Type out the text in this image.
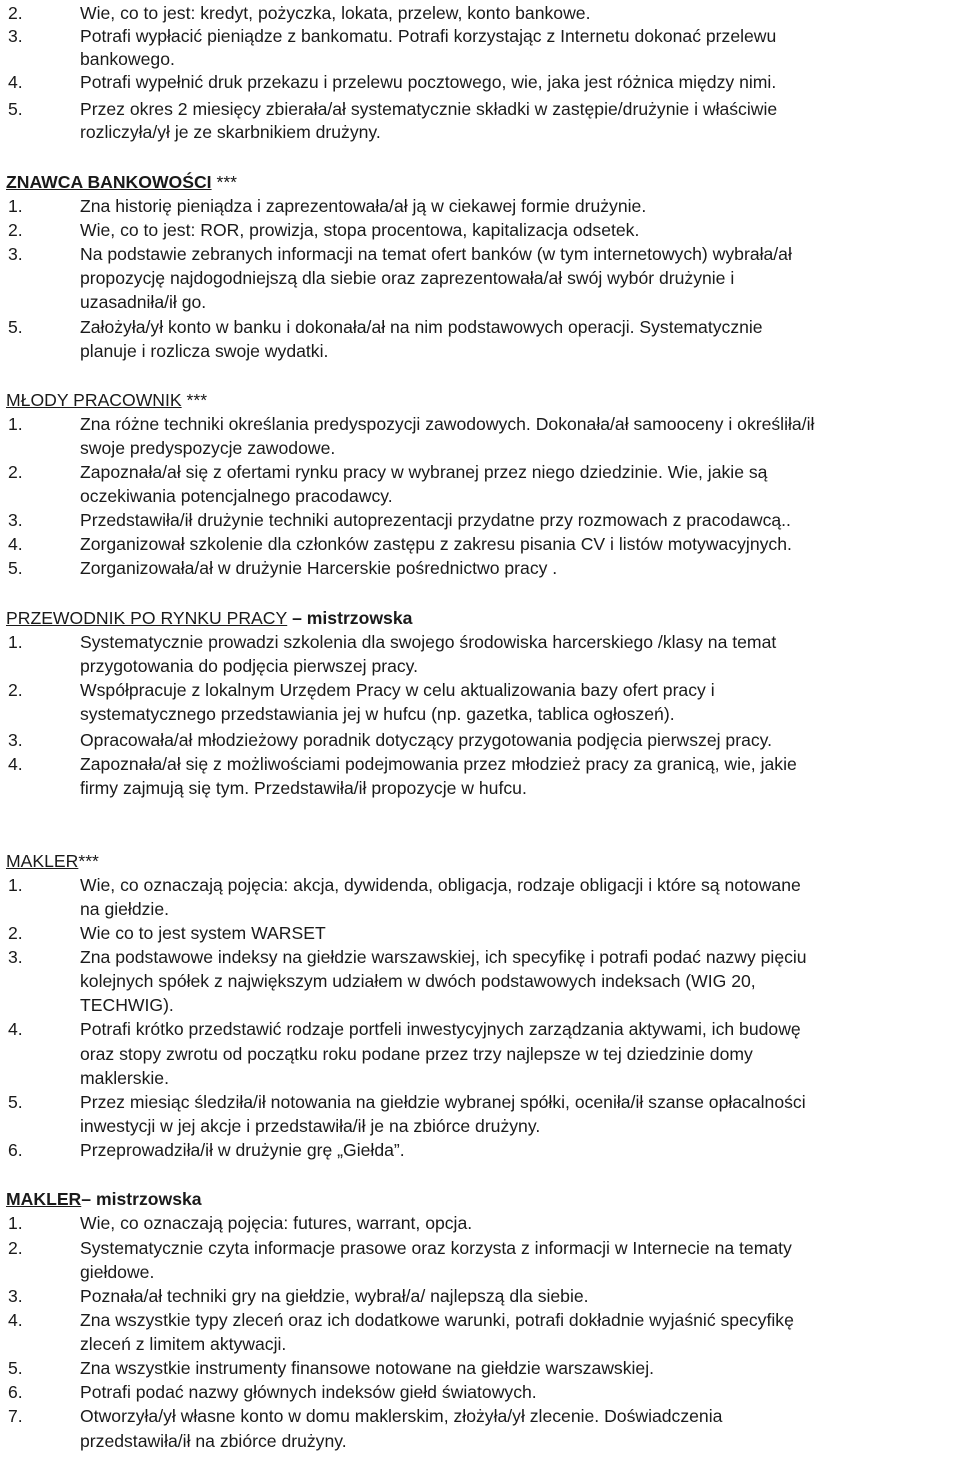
2.	Wie, co to jest: kredyt, pożyczka, lokata, przelew, konto bankowe.
3.	Potrafi wypłacić pieniądze z bankomatu. Potrafi korzystając z Internetu dokonać przelewu
bankowego.
4.	Potrafi wypełnić druk przekazu i przelewu pocztowego, wie, jaka jest różnica między nimi.
5.	Przez okres 2 miesięcy zbierała/ał systematycznie składki w zastępie/drużynie i właściwie
rozliczyła/ył je ze skarbnikiem drużyny.
ZNAWCA BANKOWOŚCI ***
1.	Zna historię pieniądza i zaprezentowała/ał ją w ciekawej formie drużynie.
2.	Wie, co to jest: ROR, prowizja, stopa procentowa, kapitalizacja odsetek.
3.	Na podstawie zebranych informacji na temat ofert banków (w tym internetowych) wybrała/ał
propozycję najdogodniejszą dla siebie oraz zaprezentowała/ał swój wybór drużynie i
uzasadniła/ił go.
5.	Założyła/ył konto w banku i dokonała/ał na nim podstawowych operacji. Systematycznie
planuje i rozlicza swoje wydatki.
MŁODY PRACOWNIK ***
1.	Zna różne techniki określania predyspozycji zawodowych. Dokonała/ał samooceny i określiła/ił
swoje predyspozycje zawodowe.
2.	Zapoznała/ał się z ofertami rynku pracy w wybranej przez niego dziedzinie. Wie, jakie są
oczekiwania potencjalnego pracodawcy.
3.	Przedstawiła/ił drużynie techniki autoprezentacji przydatne przy rozmowach z pracodawcą..
4.	Zorganizował szkolenie dla członków zastępu z zakresu pisania CV i listów motywacyjnych.
5.	Zorganizowała/ał w drużynie Harcerskie pośrednictwo pracy .
PRZEWODNIK PO RYNKU PRACY – mistrzowska
1.	Systematycznie prowadzi szkolenia dla swojego środowiska harcerskiego /klasy na temat
przygotowania do podjęcia pierwszej pracy.
2.	Współpracuje z lokalnym Urzędem Pracy w celu aktualizowania bazy ofert pracy i
systematycznego przedstawiania jej w hufcu (np. gazetka, tablica ogłoszeń).
3.	Opracowała/ał młodzieżowy poradnik dotyczący przygotowania podjęcia pierwszej pracy.
4.	Zapoznała/ał się z możliwościami podejmowania przez młodzież pracy za granicą, wie, jakie
firmy zajmują się tym. Przedstawiła/ił propozycje w hufcu.
MAKLER***
1.	Wie, co oznaczają pojęcia: akcja, dywidenda, obligacja, rodzaje obligacji i które są notowane
na giełdzie.
2.	Wie co to jest system WARSET
3.	Zna podstawowe indeksy na giełdzie warszawskiej, ich specyfikę i potrafi podać nazwy pięciu
kolejnych spółek z największym udziałem w dwóch podstawowych indeksach (WIG 20,
TECHWIG).
4.	Potrafi krótko przedstawić rodzaje portfeli inwestycyjnych zarządzania aktywami, ich budowę
oraz stopy zwrotu od początku roku podane przez trzy najlepsze w tej dziedzinie domy
maklerskie.
5.	Przez miesiąc śledziła/ił notowania na giełdzie wybranej spółki, oceniła/ił szanse opłacalności
inwestycji w jej akcje i przedstawiła/ił je na zbiórce drużyny.
6.	Przeprowadziła/ił w drużynie grę „Giełda”.
MAKLER– mistrzowska
1.	Wie, co oznaczają pojęcia: futures, warrant, opcja.
2.	Systematycznie czyta informacje prasowe oraz korzysta z informacji w Internecie na tematy
giełdowe.
3.	Poznała/ał techniki gry na giełdzie, wybrał/a/ najlepszą dla siebie.
4.	Zna wszystkie typy zleceń oraz ich dodatkowe warunki, potrafi dokładnie wyjaśnić specyfikę
zleceń z limitem aktywacji.
5.	Zna wszystkie instrumenty finansowe notowane na giełdzie warszawskiej.
6.	Potrafi podać nazwy głównych indeksów giełd światowych.
7.	Otworzyła/ył własne konto w domu maklerskim, złożyła/ył zlecenie. Doświadczenia
przedstawiła/ił na zbiórce drużyny.
